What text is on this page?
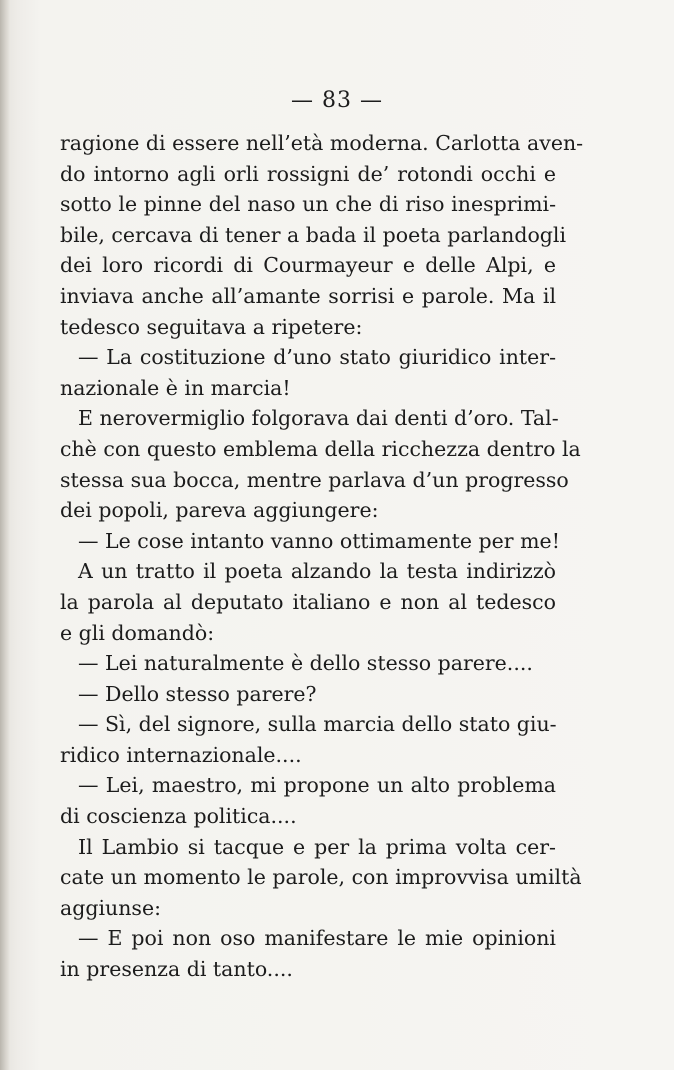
— 83 —
ragione di essere nell’età moderna. Carlotta aven-
do intorno agli orli rossigni de’ rotondi occhi e
sotto le pinne del naso un che di riso inesprimi-
bile, cercava di tener a bada il poeta parlandogli
dei loro ricordi di Courmayeur e delle Alpi, e
inviava anche all’amante sorrisi e parole. Ma il
tedesco seguitava a ripetere:
— La costituzione d’uno stato giuridico inter-
nazionale è in marcia!
E nerovermiglio folgorava dai denti d’oro. Tal-
chè con questo emblema della ricchezza dentro la
stessa sua bocca, mentre parlava d’un progresso
dei popoli, pareva aggiungere:
— Le cose intanto vanno ottimamente per me!
A un tratto il poeta alzando la testa indirizzò
la parola al deputato italiano e non al tedesco
e gli domandò:
— Lei naturalmente è dello stesso parere....
— Dello stesso parere?
— Sì, del signore, sulla marcia dello stato giu-
ridico internazionale....
— Lei, maestro, mi propone un alto problema
di coscienza politica....
Il Lambio si tacque e per la prima volta cer-
cate un momento le parole, con improvvisa umiltà
aggiunse:
— E poi non oso manifestare le mie opinioni
in presenza di tanto....
